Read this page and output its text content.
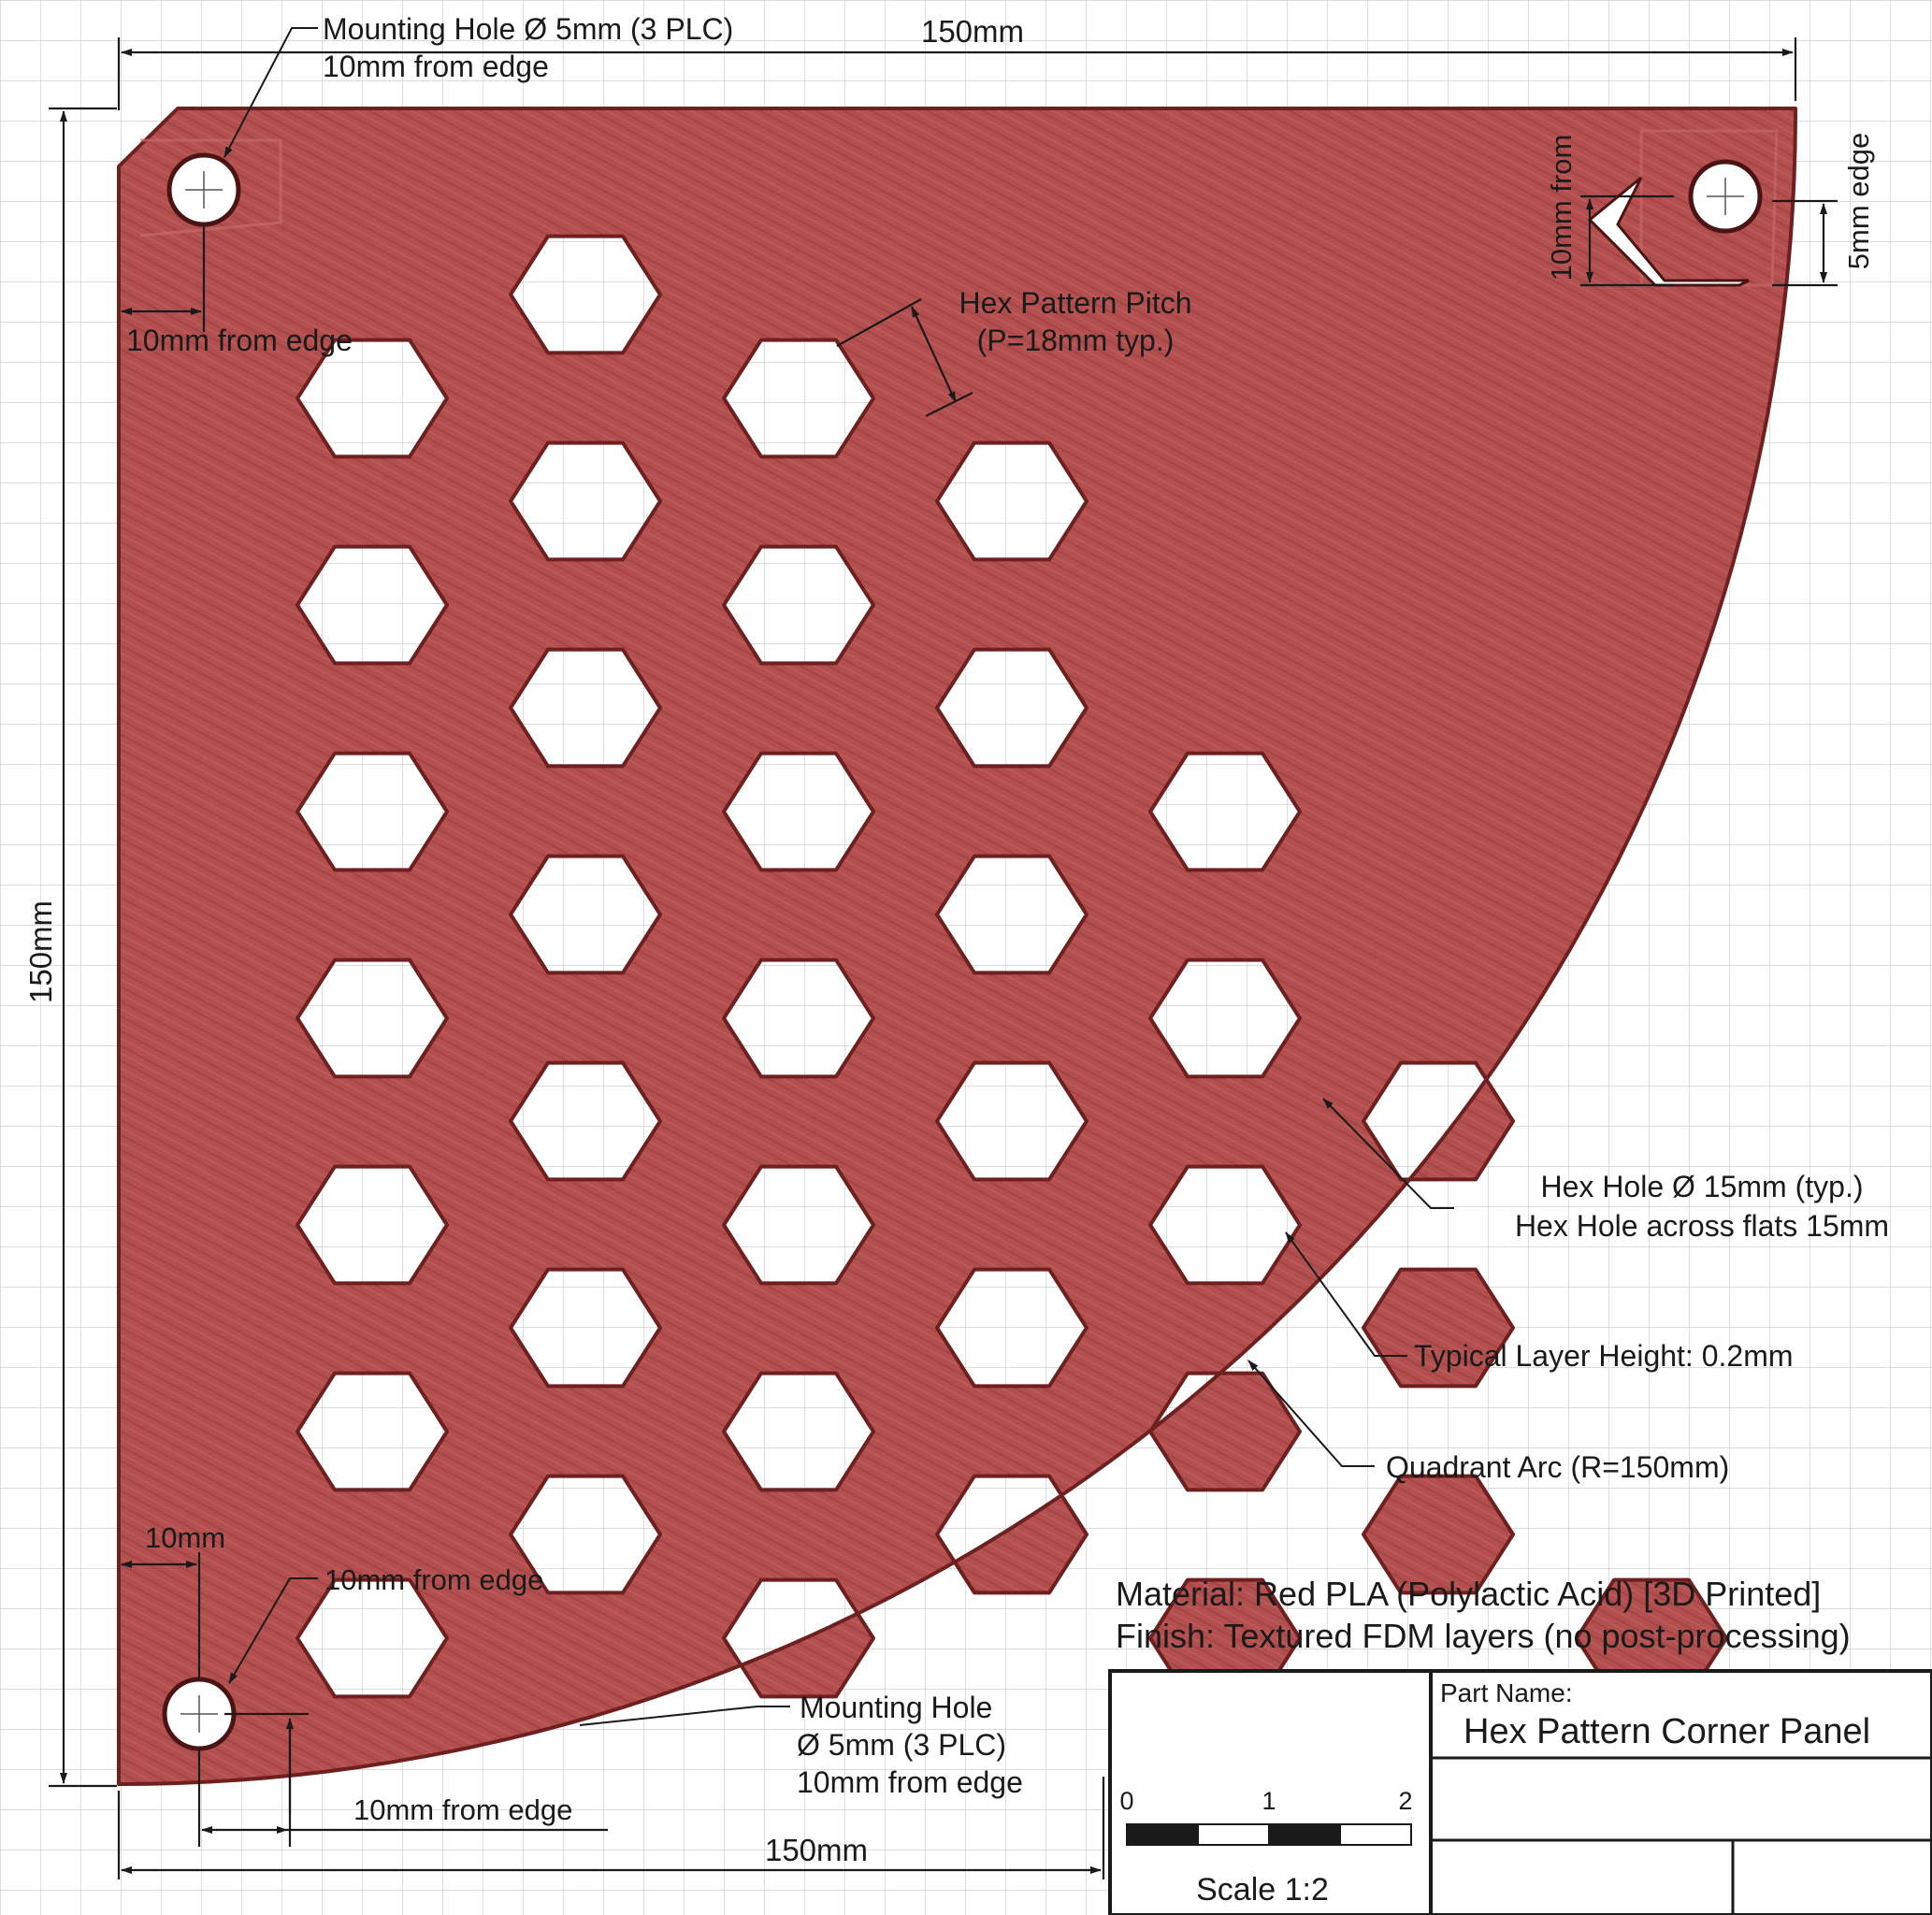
150mm
150mm
150mm
Mounting Hole Ø 5mm (3 PLC)
10mm from edge
10mm from edge
Hex Pattern Pitch
(P=18mm typ.)
10mm from	5mm edge
Hex Hole Ø 15mm (typ.)
Hex Hole across flats 15mm
Typical Layer Height: 0.2mm
Quadrant Arc (R=150mm)
10mm
10mm from edge
10mm from edge
Mounting Hole
Ø 5mm (3 PLC)
10mm from edge
Material: Red PLA (Polylactic Acid) [3D Printed]
Finish: Textured FDM layers (no post-processing)
Part Name:
Hex Pattern Corner Panel
0	1	2
Scale 1:2
